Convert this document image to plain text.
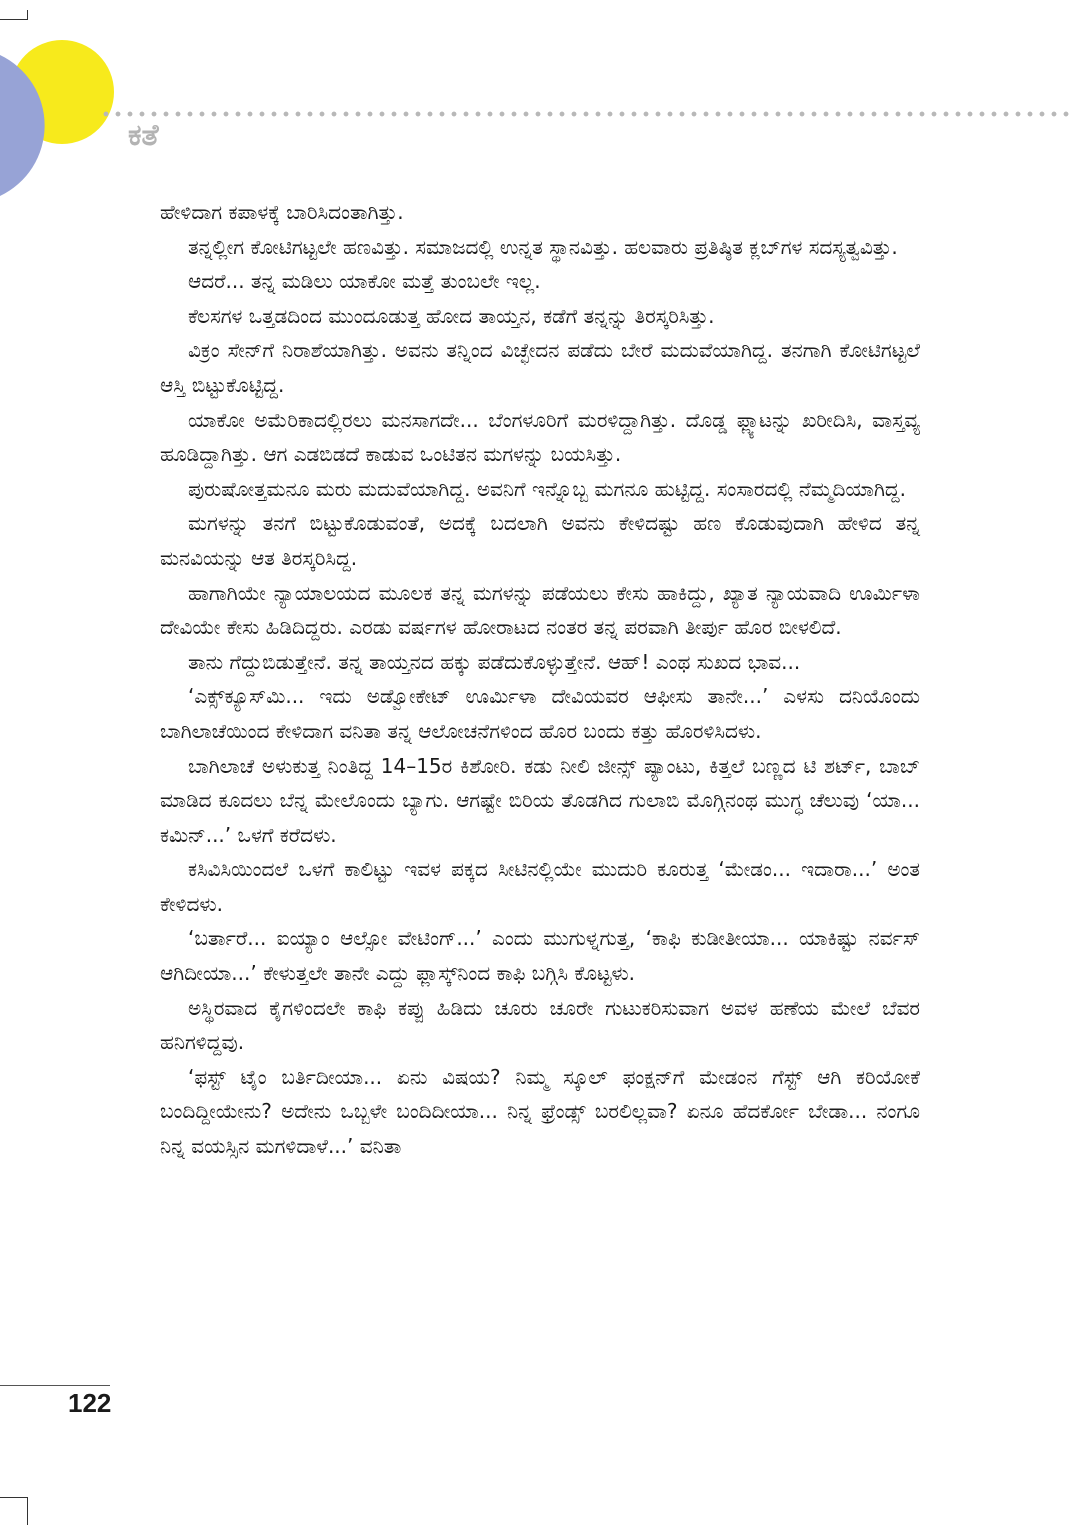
ಕತೆ

ಹೇಳಿದಾಗ ಕಪಾಳಕ್ಕೆ ಬಾರಿಸಿದಂತಾಗಿತ್ತು.

ತನ್ನಲ್ಲೀಗ ಕೋಟಿಗಟ್ಟಲೇ ಹಣವಿತ್ತು. ಸಮಾಜದಲ್ಲಿ ಉನ್ನತ ಸ್ಥಾನವಿತ್ತು. ಹಲವಾರು ಪ್ರತಿಷ್ಠಿತ ಕ್ಲಬ್‌ಗಳ ಸದಸ್ಯತ್ವವಿತ್ತು.

ಆದರೆ... ತನ್ನ ಮಡಿಲು ಯಾಕೋ ಮತ್ತೆ ತುಂಬಲೇ ಇಲ್ಲ.

ಕೆಲಸಗಳ ಒತ್ತಡದಿಂದ ಮುಂದೂಡುತ್ತ ಹೋದ ತಾಯ್ತನ, ಕಡೆಗೆ ತನ್ನನ್ನು ತಿರಸ್ಕರಿಸಿತ್ತು.

ವಿಕ್ರಂ ಸೇನ್‌ಗೆ ನಿರಾಶೆಯಾಗಿತ್ತು. ಅವನು ತನ್ನಿಂದ ವಿಚ್ಛೇದನ ಪಡೆದು ಬೇರೆ ಮದುವೆಯಾಗಿದ್ದ. ತನಗಾಗಿ ಕೋಟಿಗಟ್ಟಲೆ ಆಸ್ತಿ ಬಿಟ್ಟುಕೊಟ್ಟಿದ್ದ.

ಯಾಕೋ ಅಮೆರಿಕಾದಲ್ಲಿರಲು ಮನಸಾಗದೇ... ಬೆಂಗಳೂರಿಗೆ ಮರಳಿದ್ದಾಗಿತ್ತು. ದೊಡ್ಡ ಫ್ಲ್ಯಾಟನ್ನು ಖರೀದಿಸಿ, ವಾಸ್ತವ್ಯ ಹೂಡಿದ್ದಾಗಿತ್ತು. ಆಗ ಎಡಬಿಡದೆ ಕಾಡುವ ಒಂಟಿತನ ಮಗಳನ್ನು ಬಯಸಿತ್ತು.

ಪುರುಷೋತ್ತಮನೂ ಮರು ಮದುವೆಯಾಗಿದ್ದ. ಅವನಿಗೆ ಇನ್ನೊಬ್ಬ ಮಗನೂ ಹುಟ್ಟಿದ್ದ. ಸಂಸಾರದಲ್ಲಿ ನೆಮ್ಮದಿಯಾಗಿದ್ದ.

ಮಗಳನ್ನು ತನಗೆ ಬಿಟ್ಟುಕೊಡುವಂತೆ, ಅದಕ್ಕೆ ಬದಲಾಗಿ ಅವನು ಕೇಳಿದಷ್ಟು ಹಣ ಕೊಡುವುದಾಗಿ ಹೇಳಿದ ತನ್ನ ಮನವಿಯನ್ನು ಆತ ತಿರಸ್ಕರಿಸಿದ್ದ.

ಹಾಗಾಗಿಯೇ ನ್ಯಾಯಾಲಯದ ಮೂಲಕ ತನ್ನ ಮಗಳನ್ನು ಪಡೆಯಲು ಕೇಸು ಹಾಕಿದ್ದು, ಖ್ಯಾತ ನ್ಯಾಯವಾದಿ ಊರ್ಮಿಳಾ ದೇವಿಯೇ ಕೇಸು ಹಿಡಿದಿದ್ದರು. ಎರಡು ವರ್ಷಗಳ ಹೋರಾಟದ ನಂತರ ತನ್ನ ಪರವಾಗಿ ತೀರ್ಪು ಹೊರ ಬೀಳಲಿದೆ.

ತಾನು ಗೆದ್ದುಬಿಡುತ್ತೇನೆ. ತನ್ನ ತಾಯ್ತನದ ಹಕ್ಕು ಪಡೆದುಕೊಳ್ಳುತ್ತೇನೆ. ಆಹ್! ಎಂಥ ಸುಖದ ಭಾವ...

‘ಎಕ್ಸ್‌ಕ್ಯೂಸ್‌ಮಿ... ಇದು ಅಡ್ವೋಕೇಟ್ ಊರ್ಮಿಳಾ ದೇವಿಯವರ ಆಫೀಸು ತಾನೇ...’ ಎಳಸು ದನಿಯೊಂದು ಬಾಗಿಲಾಚೆಯಿಂದ ಕೇಳಿದಾಗ ವನಿತಾ ತನ್ನ ಆಲೋಚನೆಗಳಿಂದ ಹೊರ ಬಂದು ಕತ್ತು ಹೊರಳಿಸಿದಳು.

ಬಾಗಿಲಾಚೆ ಅಳುಕುತ್ತ ನಿಂತಿದ್ದ 14–15ರ ಕಿಶೋರಿ. ಕಡು ನೀಲಿ ಜೀನ್ಸ್ ಪ್ಯಾಂಟು, ಕಿತ್ತಲೆ ಬಣ್ಣದ ಟಿ ಶರ್ಟ್, ಬಾಬ್ ಮಾಡಿದ ಕೂದಲು ಬೆನ್ನ ಮೇಲೊಂದು ಬ್ಯಾಗು. ಆಗಷ್ಟೇ ಬಿರಿಯ ತೊಡಗಿದ ಗುಲಾಬಿ ಮೊಗ್ಗಿನಂಥ ಮುಗ್ಧ ಚೆಲುವು ‘ಯಾ... ಕಮಿನ್...’ ಒಳಗೆ ಕರೆದಳು.

ಕಸಿವಿಸಿಯಿಂದಲೆ ಒಳಗೆ ಕಾಲಿಟ್ಟು ಇವಳ ಪಕ್ಕದ ಸೀಟಿನಲ್ಲಿಯೇ ಮುದುರಿ ಕೂರುತ್ತ ‘ಮೇಡಂ... ಇದಾರಾ...’ ಅಂತ ಕೇಳಿದಳು.

‘ಬರ್ತಾರೆ... ಐಯ್ಯಾಂ ಆಲ್ಸೋ ವೇಟಿಂಗ್...’ ಎಂದು ಮುಗುಳ್ನಗುತ್ತ, ‘ಕಾಫಿ ಕುಡೀತೀಯಾ... ಯಾಕಿಷ್ಟು ನರ್ವಸ್ ಆಗಿದೀಯಾ...’ ಕೇಳುತ್ತಲೇ ತಾನೇ ಎದ್ದು ಫ್ಲಾಸ್ಕ್‌ನಿಂದ ಕಾಫಿ ಬಗ್ಗಿಸಿ ಕೊಟ್ಟಳು.

ಅಸ್ಥಿರವಾದ ಕೈಗಳಿಂದಲೇ ಕಾಫಿ ಕಪ್ಪು ಹಿಡಿದು ಚೂರು ಚೂರೇ ಗುಟುಕರಿಸುವಾಗ ಅವಳ ಹಣೆಯ ಮೇಲೆ ಬೆವರ ಹನಿಗಳಿದ್ದವು.

‘ಫಸ್ಟ್ ಟೈಂ ಬರ್ತಿದೀಯಾ... ಏನು ವಿಷಯ? ನಿಮ್ಮ ಸ್ಕೂಲ್ ಫಂಕ್ಷನ್‌ಗೆ ಮೇಡಂನ ಗೆಸ್ಟ್ ಆಗಿ ಕರಿಯೋಕೆ ಬಂದಿದ್ದೀಯೇನು? ಅದೇನು ಒಬ್ಬಳೇ ಬಂದಿದೀಯಾ... ನಿನ್ನ ಫ್ರೆಂಡ್ಸ್ ಬರಲಿಲ್ಲವಾ? ಏನೂ ಹೆದರ್ಕೋ ಬೇಡಾ... ನಂಗೂ ನಿನ್ನ ವಯಸ್ಸಿನ ಮಗಳಿದಾಳೆ...’ ವನಿತಾ

122
